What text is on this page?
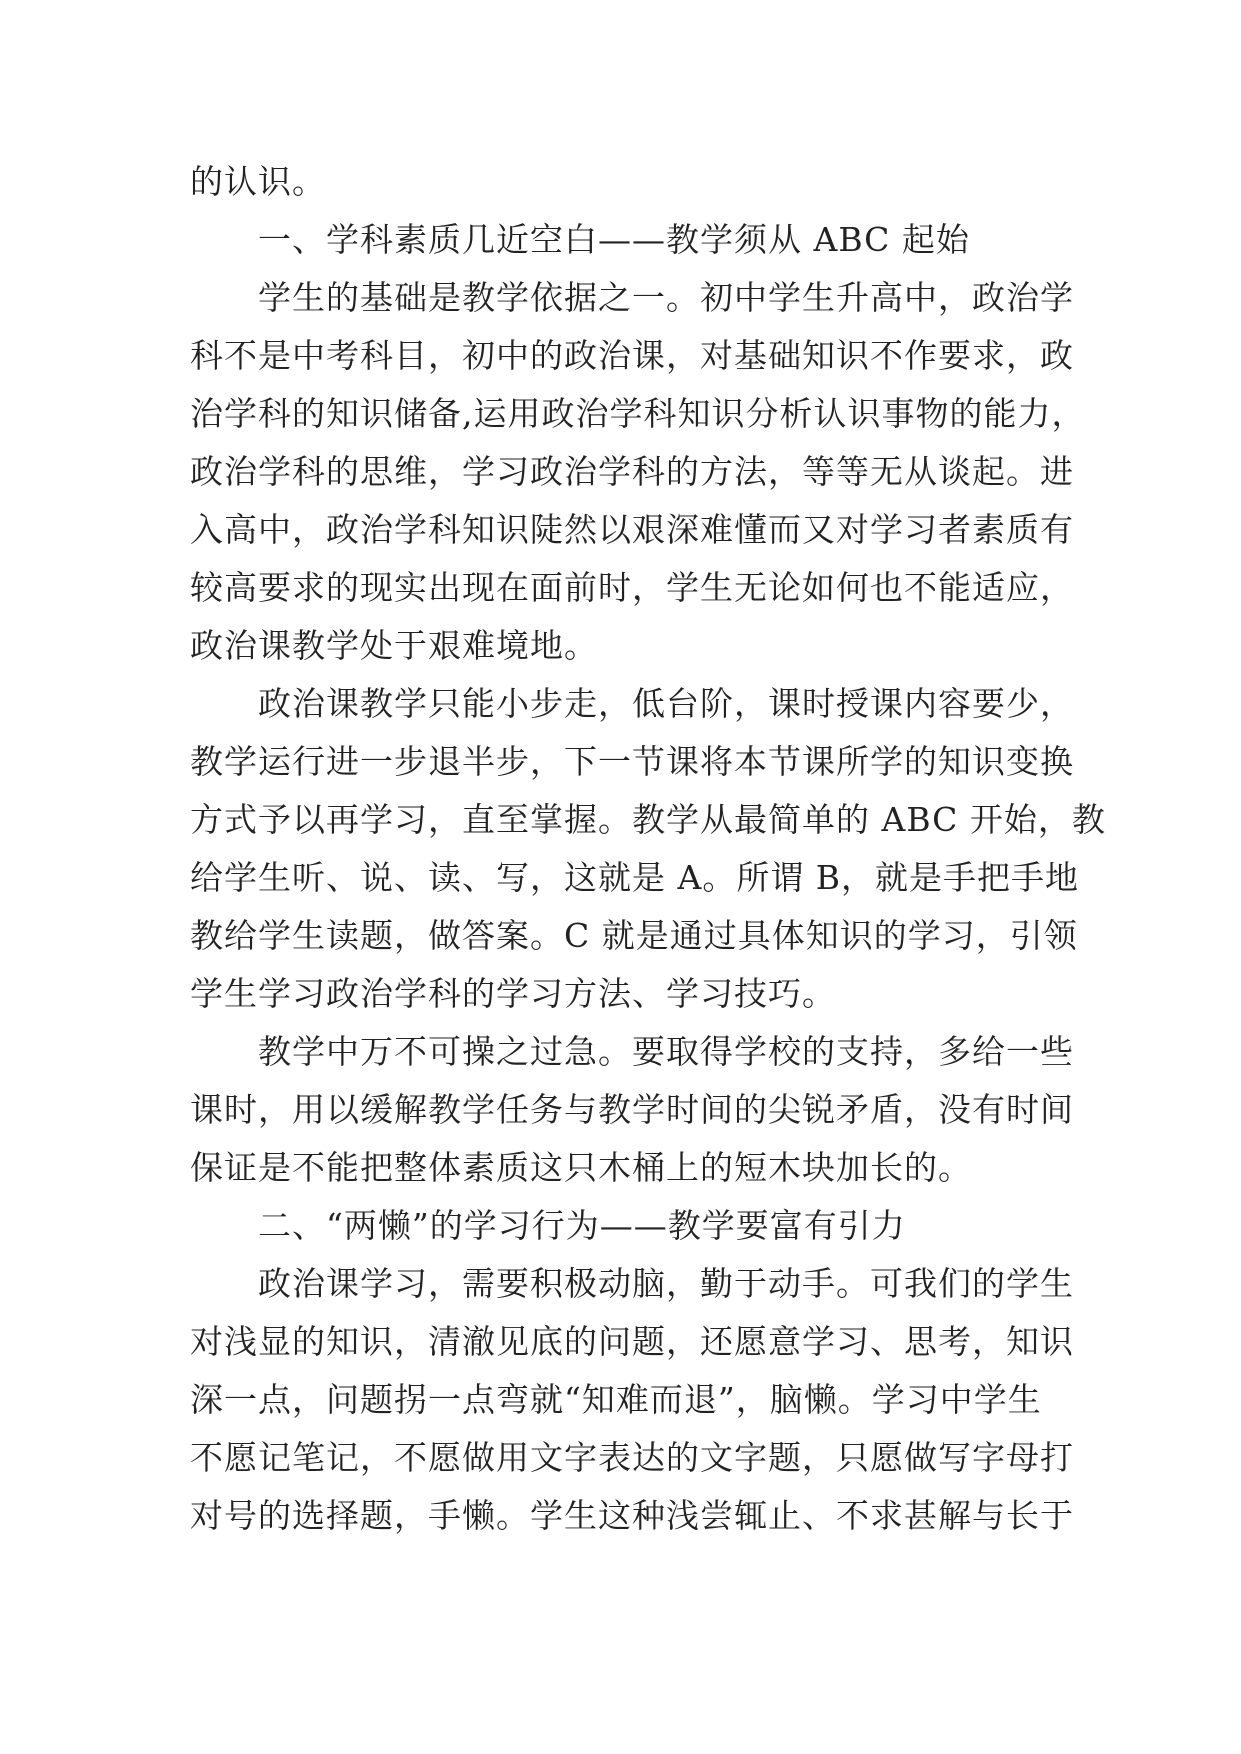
的认识。
一、学科素质几近空白——教学须从 ABC 起始
学生的基础是教学依据之一。初中学生升高中，政治学
科不是中考科目，初中的政治课，对基础知识不作要求，政
治学科的知识储备,运用政治学科知识分析认识事物的能力，
政治学科的思维，学习政治学科的方法，等等无从谈起。进
入高中，政治学科知识陡然以艰深难懂而又对学习者素质有
较高要求的现实出现在面前时，学生无论如何也不能适应，
政治课教学处于艰难境地。
政治课教学只能小步走，低台阶，课时授课内容要少，
教学运行进一步退半步，下一节课将本节课所学的知识变换
方式予以再学习，直至掌握。教学从最简单的 ABC 开始，教
给学生听、说、读、写，这就是 A。所谓 B，就是手把手地
教给学生读题，做答案。C 就是通过具体知识的学习，引领
学生学习政治学科的学习方法、学习技巧。
教学中万不可操之过急。要取得学校的支持，多给一些
课时，用以缓解教学任务与教学时间的尖锐矛盾，没有时间
保证是不能把整体素质这只木桶上的短木块加长的。
二、“两懒”的学习行为——教学要富有引力
政治课学习，需要积极动脑，勤于动手。可我们的学生
对浅显的知识，清澈见底的问题，还愿意学习、思考，知识
深一点，问题拐一点弯就“知难而退”，脑懒。学习中学生
不愿记笔记，不愿做用文字表达的文字题，只愿做写字母打
对号的选择题，手懒。学生这种浅尝辄止、不求甚解与长于
